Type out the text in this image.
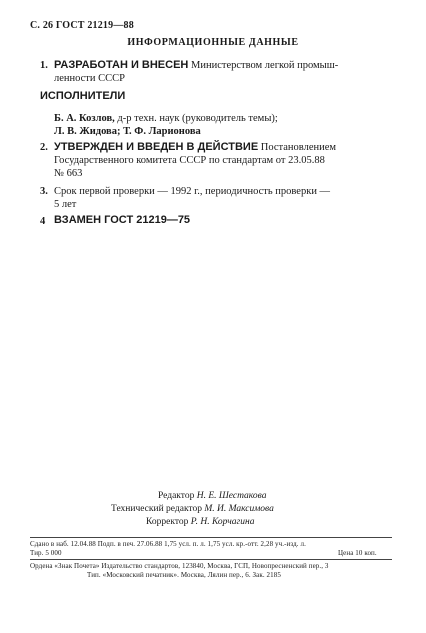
С. 26 ГОСТ 21219—88
ИНФОРМАЦИОННЫЕ ДАННЫЕ
1. РАЗРАБОТАН И ВНЕСЕН Министерством легкой промыш-
ленности СССР
ИСПОЛНИТЕЛИ
Б. А. Козлов, д-р техн. наук (руководитель темы);
Л. В. Жидова; Т. Ф. Ларионова
2. УТВЕРЖДЕН И ВВЕДЕН В ДЕЙСТВИЕ Постановлением
Государственного комитета СССР по стандартам от 23.05.88
№ 663
3. Срок первой проверки — 1992 г., периодичность проверки —
5 лет
4 ВЗАМЕН ГОСТ 21219—75
Редактор Н. Е. Шестакова
Технический редактор М. И. Максимова
Корректор Р. Н. Корчагина
Сдано в наб. 12.04.88 Подп. в печ. 27.06.88 1,75 усл. п. л. 1,75 усл. кр.-отт. 2,28 уч.-изд. л.
Тир. 5 000	Цена 10 коп.
Ордена «Знак Почета» Издательство стандартов, 123840, Москва, ГСП, Новопресненский пер., 3
Тип. «Московский печатник». Москва, Лялин пер., 6. Зак. 2185
